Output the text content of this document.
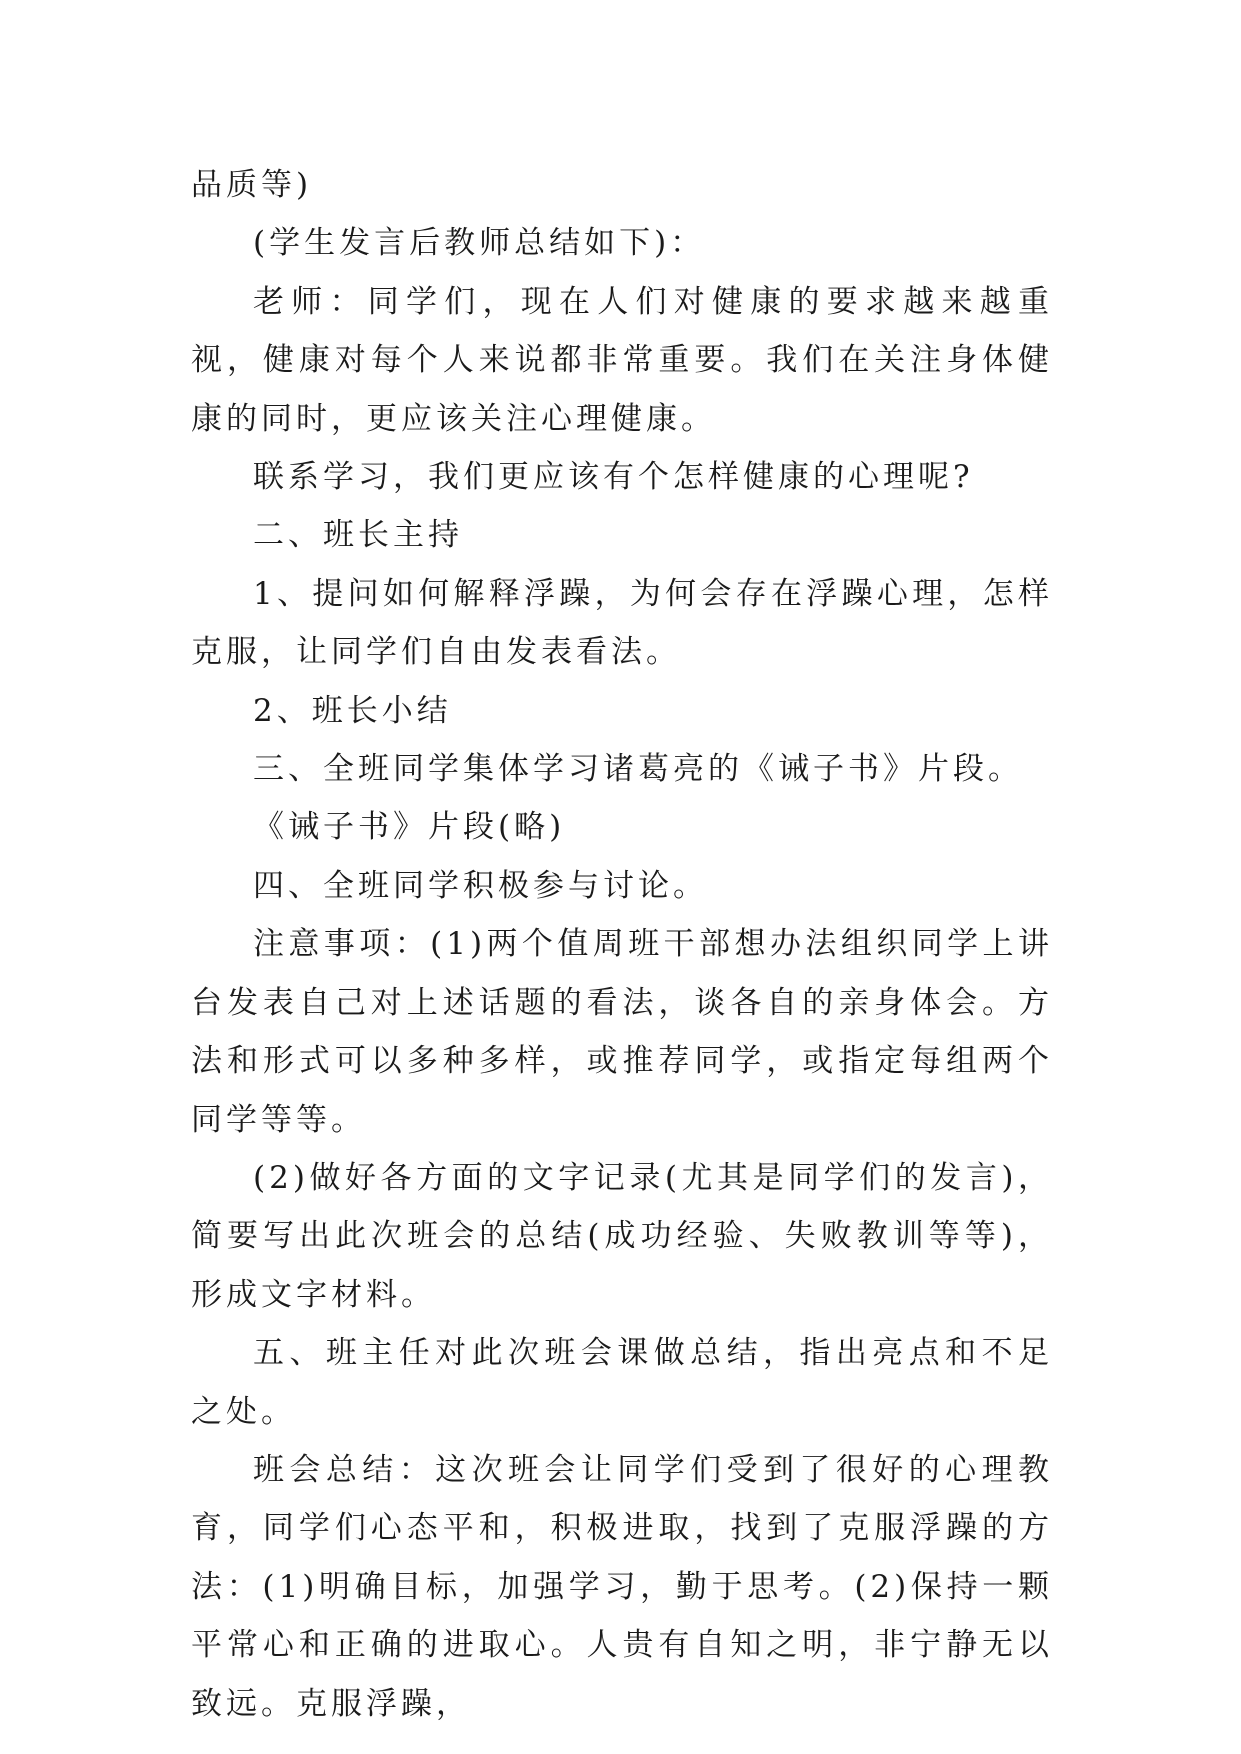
品质等)

(学生发言后教师总结如下)：

老师：同学们，现在人们对健康的要求越来越重视，健康对每个人来说都非常重要。我们在关注身体健康的同时，更应该关注心理健康。

联系学习，我们更应该有个怎样健康的心理呢?

二、班长主持

1、提问如何解释浮躁，为何会存在浮躁心理，怎样克服，让同学们自由发表看法。

2、班长小结

三、全班同学集体学习诸葛亮的《诫子书》片段。

《诫子书》片段(略)

四、全班同学积极参与讨论。

注意事项：(1)两个值周班干部想办法组织同学上讲台发表自己对上述话题的看法，谈各自的亲身体会。方法和形式可以多种多样，或推荐同学，或指定每组两个同学等等。

(2)做好各方面的文字记录(尤其是同学们的发言)，简要写出此次班会的总结(成功经验、失败教训等等)，形成文字材料。

五、班主任对此次班会课做总结，指出亮点和不足之处。

班会总结：这次班会让同学们受到了很好的心理教育，同学们心态平和，积极进取，找到了克服浮躁的方法：(1)明确目标，加强学习，勤于思考。(2)保持一颗平常心和正确的进取心。人贵有自知之明，非宁静无以致远。克服浮躁，
